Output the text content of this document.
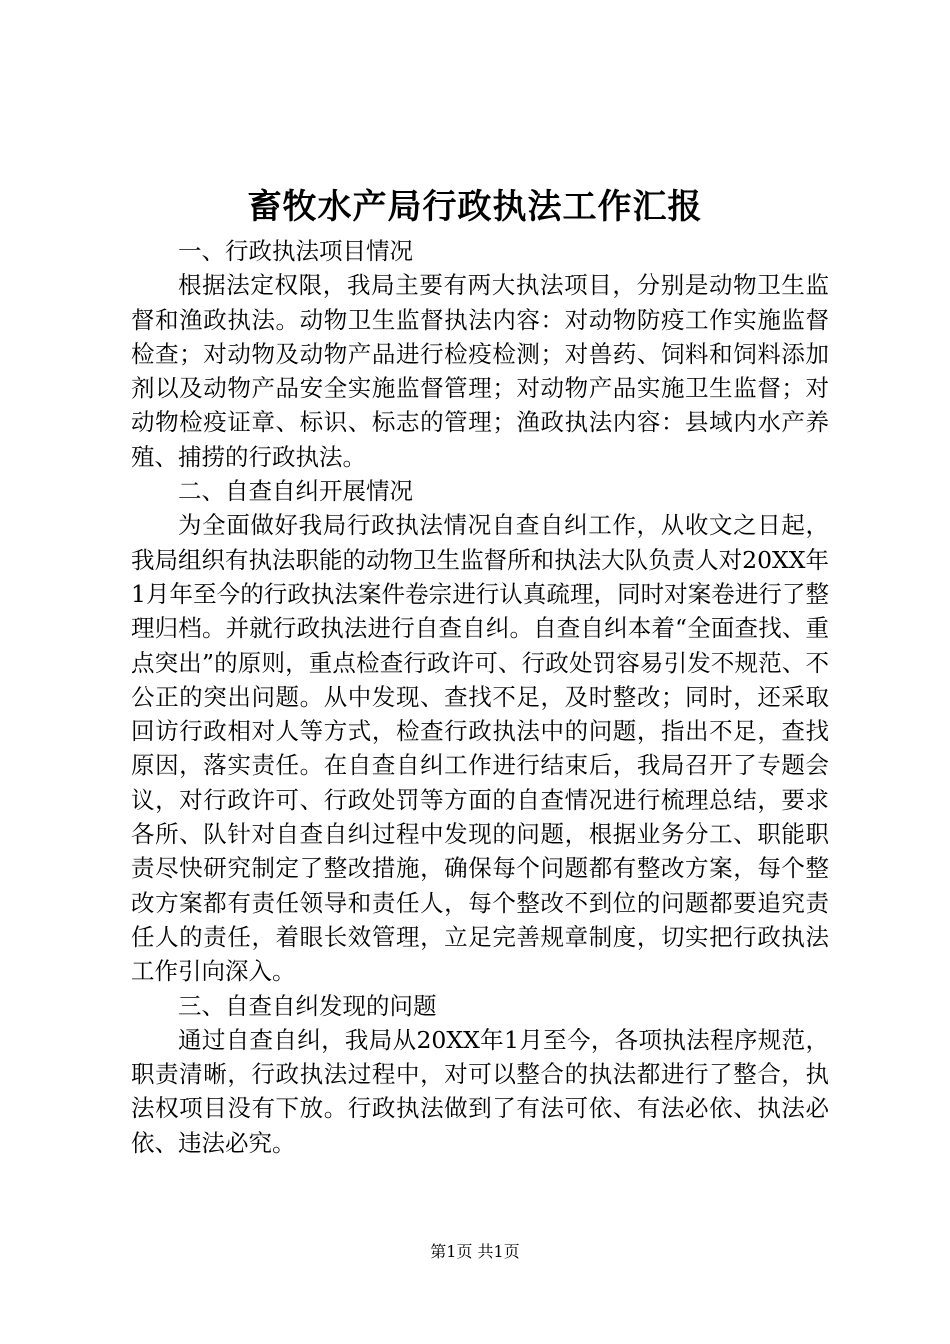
畜牧水产局行政执法工作汇报

一、行政执法项目情况

根据法定权限，我局主要有两大执法项目，分别是动物卫生监督和渔政执法。动物卫生监督执法内容：对动物防疫工作实施监督检查；对动物及动物产品进行检疫检测；对兽药、饲料和饲料添加剂以及动物产品安全实施监督管理；对动物产品实施卫生监督；对动物检疫证章、标识、标志的管理；渔政执法内容：县域内水产养殖、捕捞的行政执法。

二、自查自纠开展情况

为全面做好我局行政执法情况自查自纠工作，从收文之日起，我局组织有执法职能的动物卫生监督所和执法大队负责人对20XX年1月年至今的行政执法案件卷宗进行认真疏理，同时对案卷进行了整理归档。并就行政执法进行自查自纠。自查自纠本着“全面查找、重点突出”的原则，重点检查行政许可、行政处罚容易引发不规范、不公正的突出问题。从中发现、查找不足，及时整改；同时，还采取回访行政相对人等方式，检查行政执法中的问题，指出不足，查找原因，落实责任。在自查自纠工作进行结束后，我局召开了专题会议，对行政许可、行政处罚等方面的自查情况进行梳理总结，要求各所、队针对自查自纠过程中发现的问题，根据业务分工、职能职责尽快研究制定了整改措施，确保每个问题都有整改方案，每个整改方案都有责任领导和责任人，每个整改不到位的问题都要追究责任人的责任，着眼长效管理，立足完善规章制度，切实把行政执法工作引向深入。

三、自查自纠发现的问题

通过自查自纠，我局从20XX年1月至今，各项执法程序规范，职责清晰，行政执法过程中，对可以整合的执法都进行了整合，执法权项目没有下放。行政执法做到了有法可依、有法必依、执法必依、违法必究。

第1页 共1页
